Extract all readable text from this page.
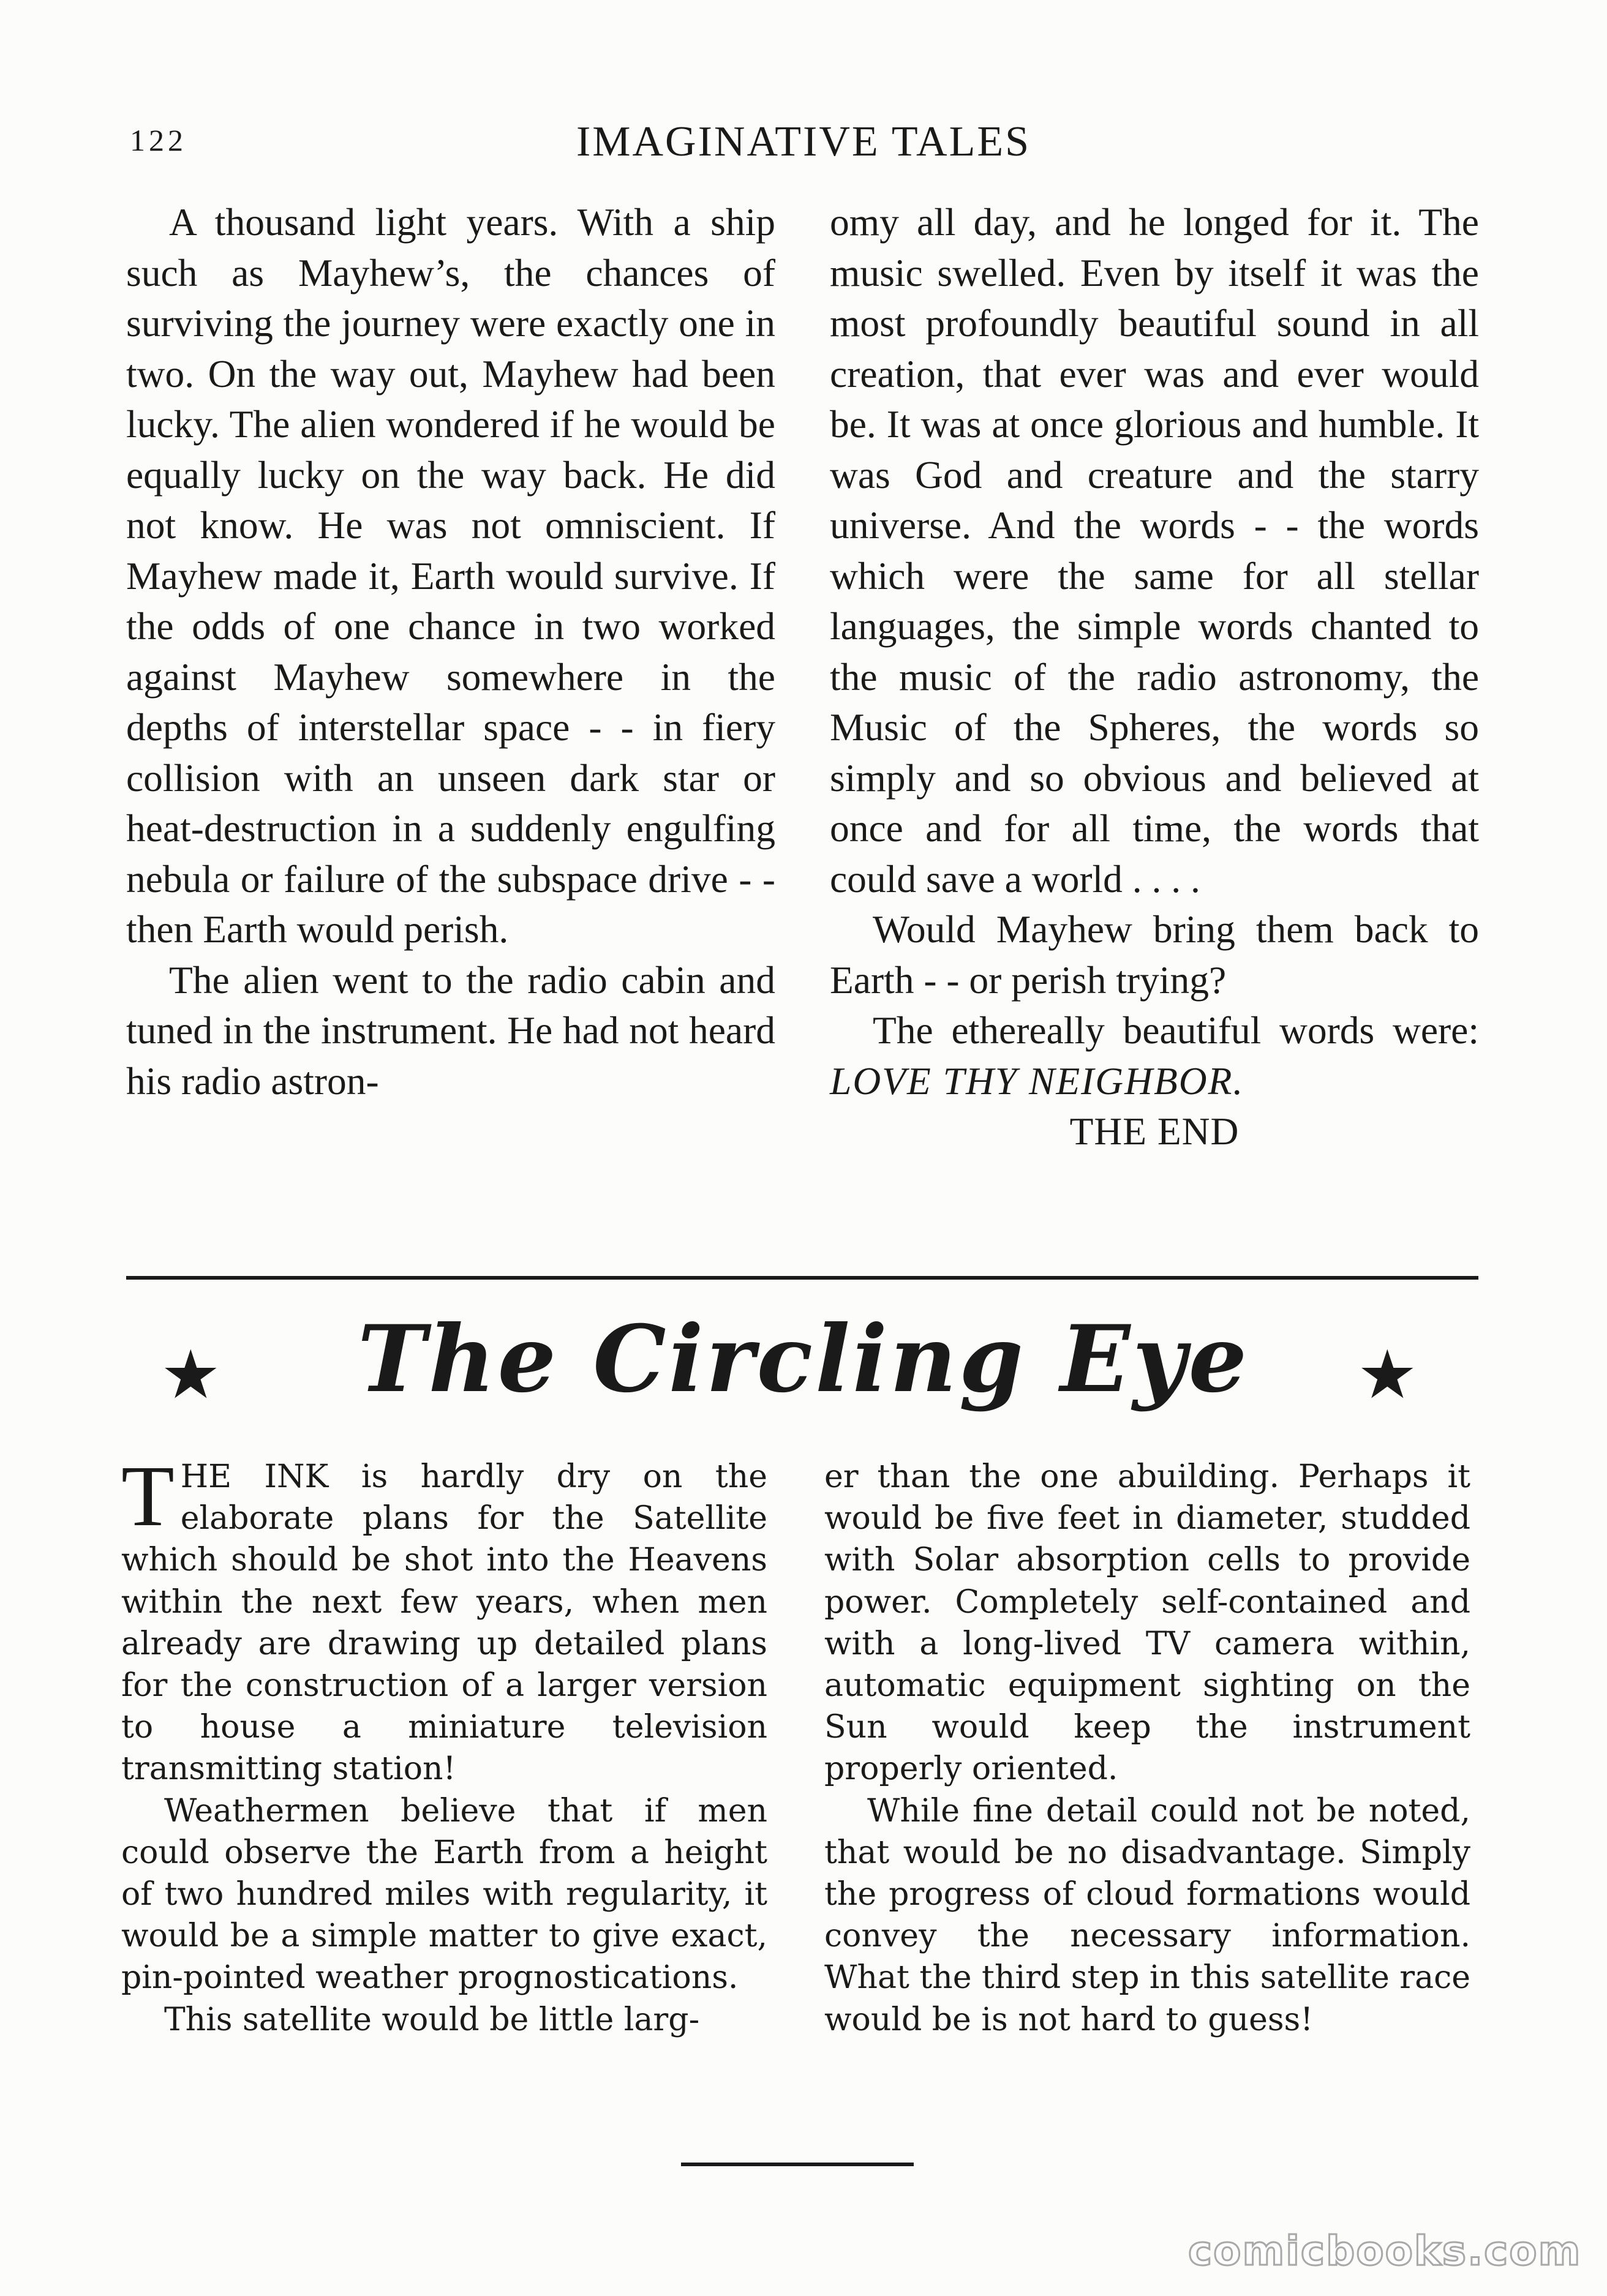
122	IMAGINATIVE TALES

A thousand light years. With a ship such as Mayhew’s, the chances of surviving the journey were exactly one in two. On the way out, Mayhew had been lucky. The alien wondered if he would be equally lucky on the way back. He did not know. He was not omniscient. If Mayhew made it, Earth would survive. If the odds of one chance in two worked against Mayhew somewhere in the depths of interstellar space - - in fiery collision with an unseen dark star or heat-destruction in a suddenly engulfing nebula or failure of the subspace drive - - then Earth would perish.

The alien went to the radio cabin and tuned in the instrument. He had not heard his radio astron-

omy all day, and he longed for it. The music swelled. Even by itself it was the most profoundly beautiful sound in all creation, that ever was and ever would be. It was at once glorious and humble. It was God and creature and the starry universe. And the words - - the words which were the same for all stellar languages, the simple words chanted to the music of the radio astronomy, the Music of the Spheres, the words so simply and so obvious and believed at once and for all time, the words that could save a world . . . .

Would Mayhew bring them back to Earth - - or perish trying?

The ethereally beautiful words were: LOVE THY NEIGHBOR.

THE END

★	The Circling Eye	★

THE INK is hardly dry on the elaborate plans for the Satellite which should be shot into the Heavens within the next few years, when men already are drawing up detailed plans for the construction of a larger version to house a miniature television transmitting station!

Weathermen believe that if men could observe the Earth from a height of two hundred miles with regularity, it would be a simple matter to give exact, pin-pointed weather prognostications.

This satellite would be little larg-

er than the one abuilding. Perhaps it would be five feet in diameter, studded with Solar absorption cells to provide power. Completely self-contained and with a long-lived TV camera within, automatic equipment sighting on the Sun would keep the instrument properly oriented.

While fine detail could not be noted, that would be no disadvantage. Simply the progress of cloud formations would convey the necessary information. What the third step in this satellite race would be is not hard to guess!

comicbooks.com
